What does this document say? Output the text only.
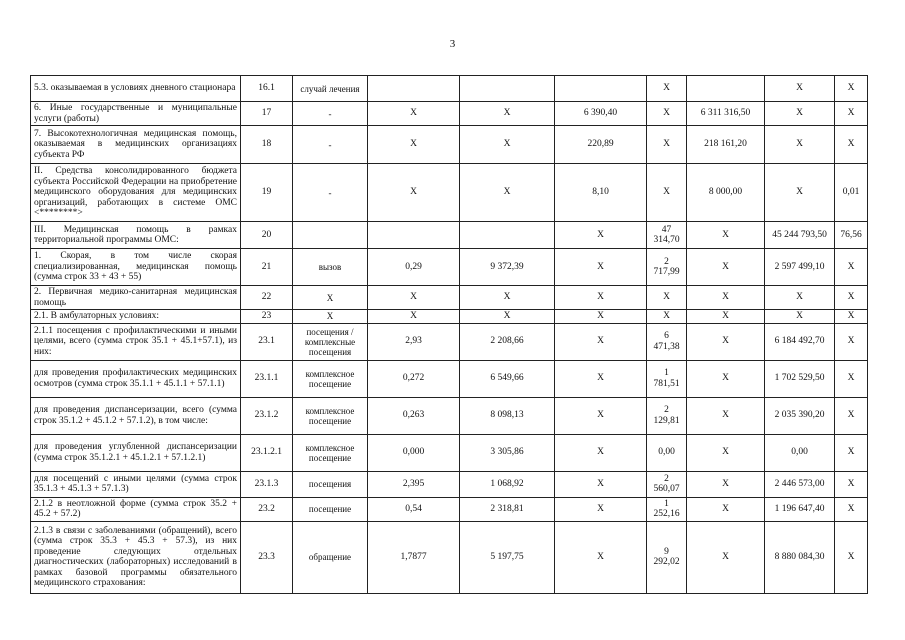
3
5.3. оказываемая в условиях дневного стационара	16.1	случай лечения				X		X	X
6. Иные государственные и муниципальные услуги (работы)	17	-	X	X	6 390,40	X	6 311 316,50	X	X
7. Высокотехнологичная медицинская помощь, оказываемая в медицинских организациях субъекта РФ	18	-	X	X	220,89	X	218 161,20	X	X
II. Средства консолидированного бюджета субъекта Российской Федерации на приобретение медицинского оборудования для медицинских организаций, работающих в системе ОМС <********>	19	-	X	X	8,10	X	8 000,00	X	0,01
III. Медицинская помощь в рамках территориальной программы ОМС:	20				X	47 314,70	X	45 244 793,50	76,56
1. Скорая, в том числе скорая специализированная, медицинская помощь (сумма строк 33 + 43 + 55)	21	вызов	0,29	9 372,39	X	2 717,99	X	2 597 499,10	X
2. Первичная медико-санитарная медицинская помощь	22	X	X	X	X	X	X	X	X
2.1. В амбулаторных условиях:	23	X	X	X	X	X	X	X	X
2.1.1 посещения с профилактическими и иными целями, всего (сумма строк 35.1 + 45.1+57.1), из них:	23.1	посещения / комплексные посещения	2,93	2 208,66	X	6 471,38	X	6 184 492,70	X
для проведения профилактических медицинских осмотров (сумма строк 35.1.1 + 45.1.1 + 57.1.1)	23.1.1	комплексное посещение	0,272	6 549,66	X	1 781,51	X	1 702 529,50	X
для проведения диспансеризации, всего (сумма строк 35.1.2 + 45.1.2 + 57.1.2), в том числе:	23.1.2	комплексное посещение	0,263	8 098,13	X	2 129,81	X	2 035 390,20	X
для проведения углубленной диспансеризации (сумма строк 35.1.2.1 + 45.1.2.1 + 57.1.2.1)	23.1.2.1	комплексное посещение	0,000	3 305,86	X	0,00	X	0,00	X
для посещений с иными целями (сумма строк 35.1.3 + 45.1.3 + 57.1.3)	23.1.3	посещения	2,395	1 068,92	X	2 560,07	X	2 446 573,00	X
2.1.2 в неотложной форме (сумма строк 35.2 + 45.2 + 57.2)	23.2	посещение	0,54	2 318,81	X	1 252,16	X	1 196 647,40	X
2.1.3 в связи с заболеваниями (обращений), всего (сумма строк 35.3 + 45.3 + 57.3), из них проведение следующих отдельных диагностических (лабораторных) исследований в рамках базовой программы обязательного медицинского страхования:	23.3	обращение	1,7877	5 197,75	X	9 292,02	X	8 880 084,30	X
